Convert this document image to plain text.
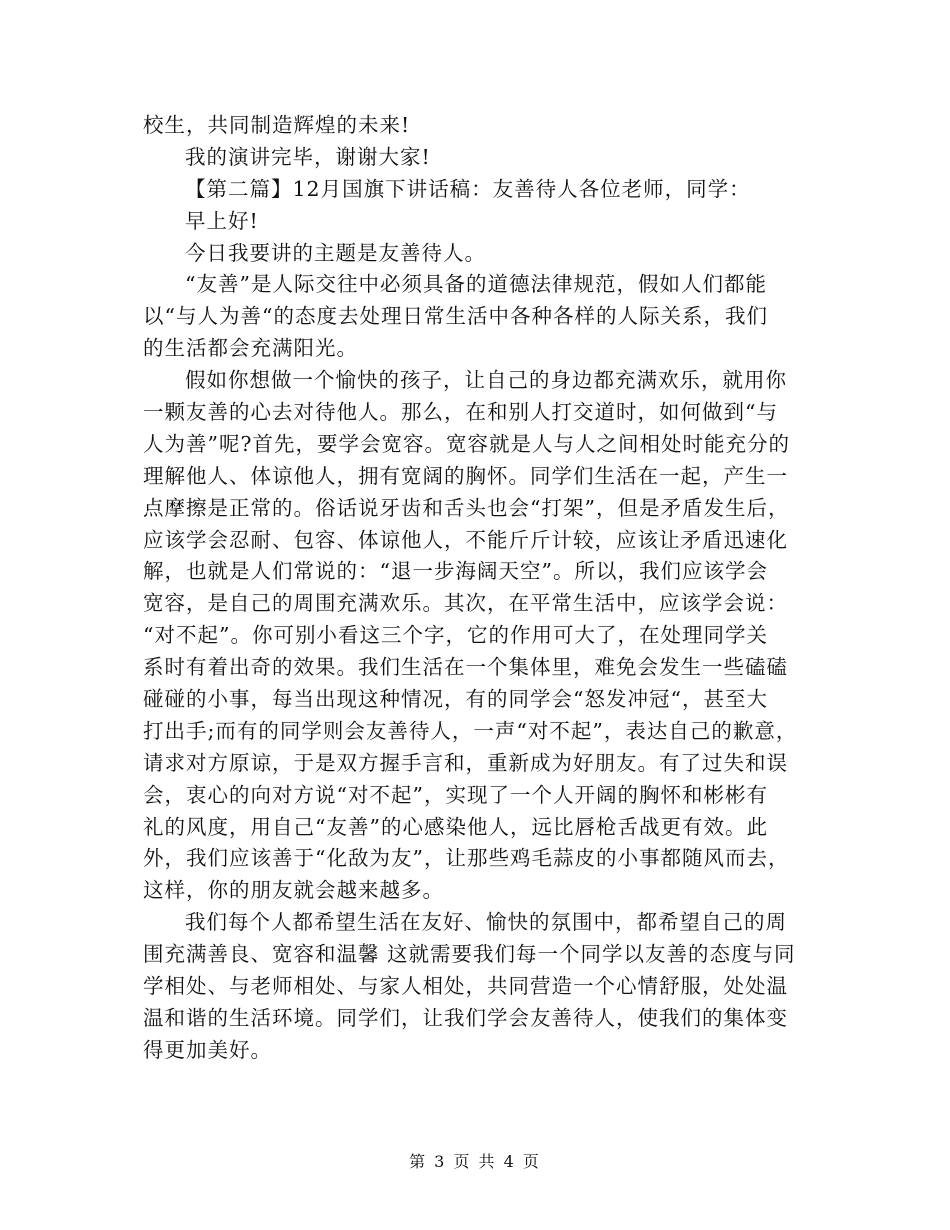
校生，共同制造辉煌的未来!
我的演讲完毕，谢谢大家!
【第二篇】12月国旗下讲话稿：友善待人各位老师，同学：
早上好!
今日我要讲的主题是友善待人。
“友善”是人际交往中必须具备的道德法律规范，假如人们都能
以“与人为善“的态度去处理日常生活中各种各样的人际关系，我们
的生活都会充满阳光。
假如你想做一个愉快的孩子，让自己的身边都充满欢乐，就用你
一颗友善的心去对待他人。那么，在和别人打交道时，如何做到“与
人为善”呢?首先，要学会宽容。宽容就是人与人之间相处时能充分的
理解他人、体谅他人，拥有宽阔的胸怀。同学们生活在一起，产生一
点摩擦是正常的。俗话说牙齿和舌头也会“打架”，但是矛盾发生后，
应该学会忍耐、包容、体谅他人，不能斤斤计较，应该让矛盾迅速化
解，也就是人们常说的：“退一步海阔天空”。所以，我们应该学会
宽容，是自己的周围充满欢乐。其次，在平常生活中，应该学会说：
“对不起”。你可别小看这三个字，它的作用可大了，在处理同学关
系时有着出奇的效果。我们生活在一个集体里，难免会发生一些磕磕
碰碰的小事，每当出现这种情况，有的同学会“怒发冲冠“，甚至大
打出手;而有的同学则会友善待人，一声“对不起”，表达自己的歉意，
请求对方原谅，于是双方握手言和，重新成为好朋友。有了过失和误
会，衷心的向对方说“对不起”，实现了一个人开阔的胸怀和彬彬有
礼的风度，用自己“友善”的心感染他人，远比唇枪舌战更有效。此
外，我们应该善于“化敌为友”，让那些鸡毛蒜皮的小事都随风而去，
这样，你的朋友就会越来越多。
我们每个人都希望生活在友好、愉快的氛围中，都希望自己的周
围充满善良、宽容和温馨 这就需要我们每一个同学以友善的态度与同
学相处、与老师相处、与家人相处，共同营造一个心情舒服，处处温
温和谐的生活环境。同学们，让我们学会友善待人，使我们的集体变
得更加美好。
第 3 页 共 4 页
